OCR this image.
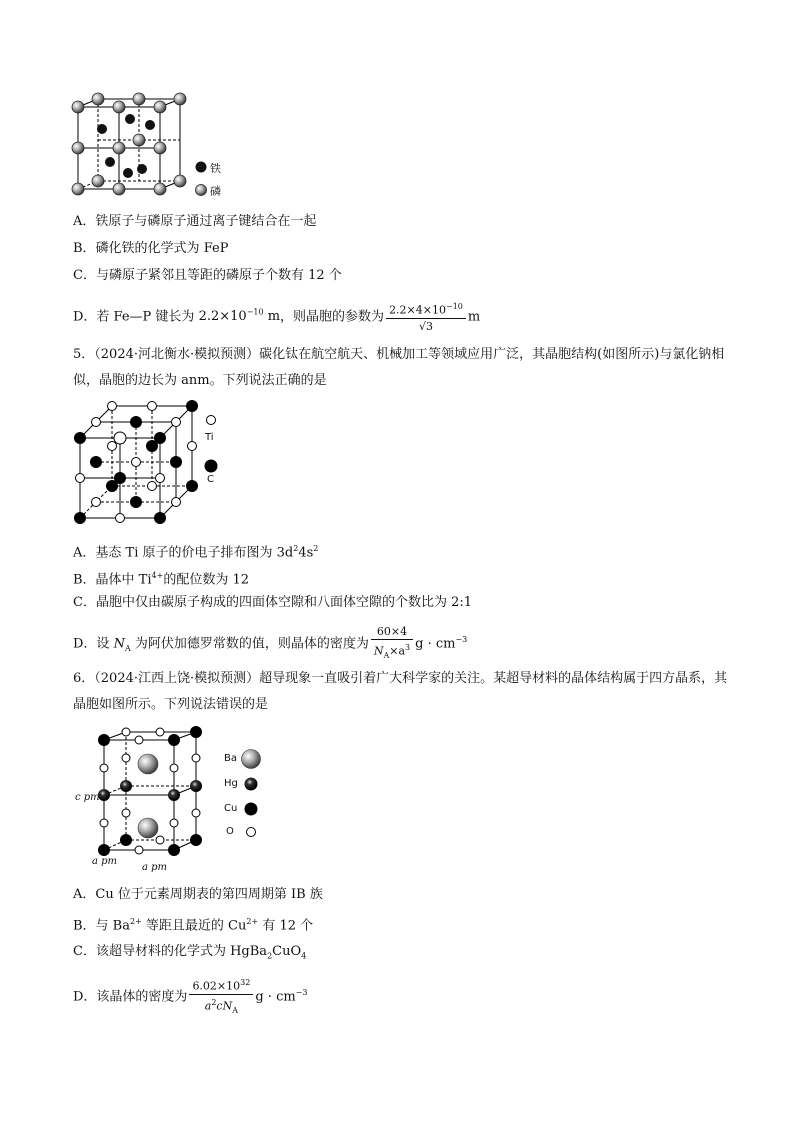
铁
磷
A．铁原子与磷原子通过离子键结合在一起
B．磷化铁的化学式为 FeP
C．与磷原子紧邻且等距的磷原子个数有 12 个
D．若 Fe—P 键长为 $2.2\times 10^{-10}$ m，则晶胞的参数为 $\frac{2.2\times 4\times 10^{-10}}{√3}$ m
5．（2024·河北衡水·模拟预测）碳化钛在航空航天、机械加工等领域应用广泛，其晶胞结构(如图所示)与氯化钠相似，晶胞的边长为 anm。下列说法正确的是
Ti
C
A．基态 Ti 原子的价电子排布图为 $3d^24s^2$
B．晶体中 $Ti^{4+}$的配位数为 12
C．晶胞中仅由碳原子构成的四面体空隙和八面体空隙的个数比为 2:1
D．设 $N_A$ 为阿伏加德罗常数的值，则晶体的密度为 $\frac{60\times 4}{N_A\times a^3}$ $g \cdot cm^{-3}$
6．（2024·江西上饶·模拟预测）超导现象一直吸引着广大科学家的关注。某超导材料的晶体结构属于四方晶系，其晶胞如图所示。下列说法错误的是
c pm
a pm
a pm
Ba
Hg
Cu
O
A．Cu 位于元素周期表的第四周期第 IB 族
B．与 $Ba^{2+}$ 等距且最近的 $Cu^{2+}$ 有 12 个
C．该超导材料的化学式为 HgBa$_2$CuO$_4$
D．该晶体的密度为 $\frac{6.02\times 10^{32}}{a^2cN_A}$ $g \cdot cm^{-3}$
